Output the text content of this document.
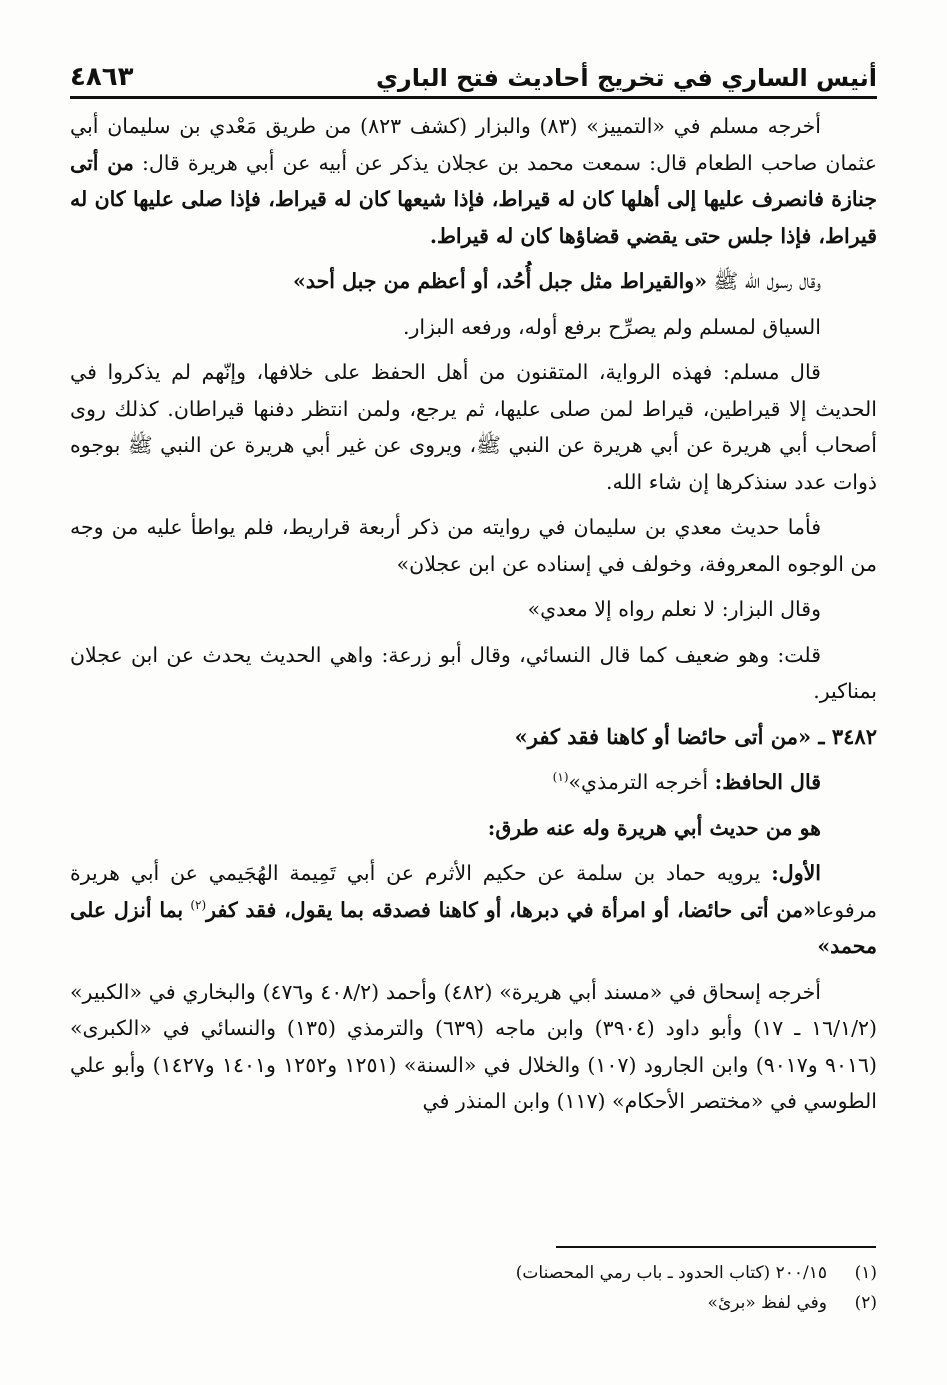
أنيس الساري في تخريج أحاديث فتح الباري
٤٨٦٣

أخرجه مسلم في «التمييز» (٨٣) والبزار (كشف ٨٢٣) من طريق مَعْدي بن سليمان أبي عثمان صاحب الطعام قال: سمعت محمد بن عجلان يذكر عن أبيه عن أبي هريرة قال: من أتى جنازة فانصرف عليها إلى أهلها كان له قيراط، فإذا شيعها كان له قيراط، فإذا صلى عليها كان له قيراط، فإذا جلس حتى يقضي قضاؤها كان له قيراط.

وقال رسول الله ﷺ «والقيراط مثل جبل أُحُد، أو أعظم من جبل أحد»

السياق لمسلم ولم يصرِّح برفع أوله، ورفعه البزار.

قال مسلم: فهذه الرواية، المتقنون من أهل الحفظ على خلافها، وإنّهم لم يذكروا في الحديث إلا قيراطين، قيراط لمن صلى عليها، ثم يرجع، ولمن انتظر دفنها قيراطان. كذلك روى أصحاب أبي هريرة عن أبي هريرة عن النبي ﷺ، ويروى عن غير أبي هريرة عن النبي ﷺ بوجوه ذوات عدد سنذكرها إن شاء الله.

فأما حديث معدي بن سليمان في روايته من ذكر أربعة قراريط، فلم يواطأ عليه من وجه من الوجوه المعروفة، وخولف في إسناده عن ابن عجلان»

وقال البزار: لا نعلم رواه إلا معدي»

قلت: وهو ضعيف كما قال النسائي، وقال أبو زرعة: واهي الحديث يحدث عن ابن عجلان بمناكير.

٣٤٨٢ ـ «من أتى حائضا أو كاهنا فقد كفر»

قال الحافظ: أخرجه الترمذي»$^{(١)}$

هو من حديث أبي هريرة وله عنه طرق:

الأول: يرويه حماد بن سلمة عن حكيم الأثرم عن أبي تَمِيمة الهُجَيمي عن أبي هريرة مرفوعا«من أتى حائضا، أو امرأة في دبرها، أو كاهنا فصدقه بما يقول، فقد كفر$^{(٢)}$ بما أنزل على محمد»

أخرجه إسحاق في «مسند أبي هريرة» (٤٨٢) وأحمد (٤٠٨/٢ و٤٧٦) والبخاري في «الكبير» (١٦/١/٢ ـ ١٧) وأبو داود (٣٩٠٤) وابن ماجه (٦٣٩) والترمذي (١٣٥) والنسائي في «الكبرى» (٩٠١٦ و٩٠١٧) وابن الجارود (١٠٧) والخلال في «السنة» (١٢٥١ و١٢٥٢ و١٤٠١ و١٤٢٧) وأبو علي الطوسي في «مختصر الأحكام» (١١٧) وابن المنذر في

(١)
٢٠٠/١٥ (كتاب الحدود ـ باب رمي المحصنات)
(٢)
وفي لفظ «برئ»
